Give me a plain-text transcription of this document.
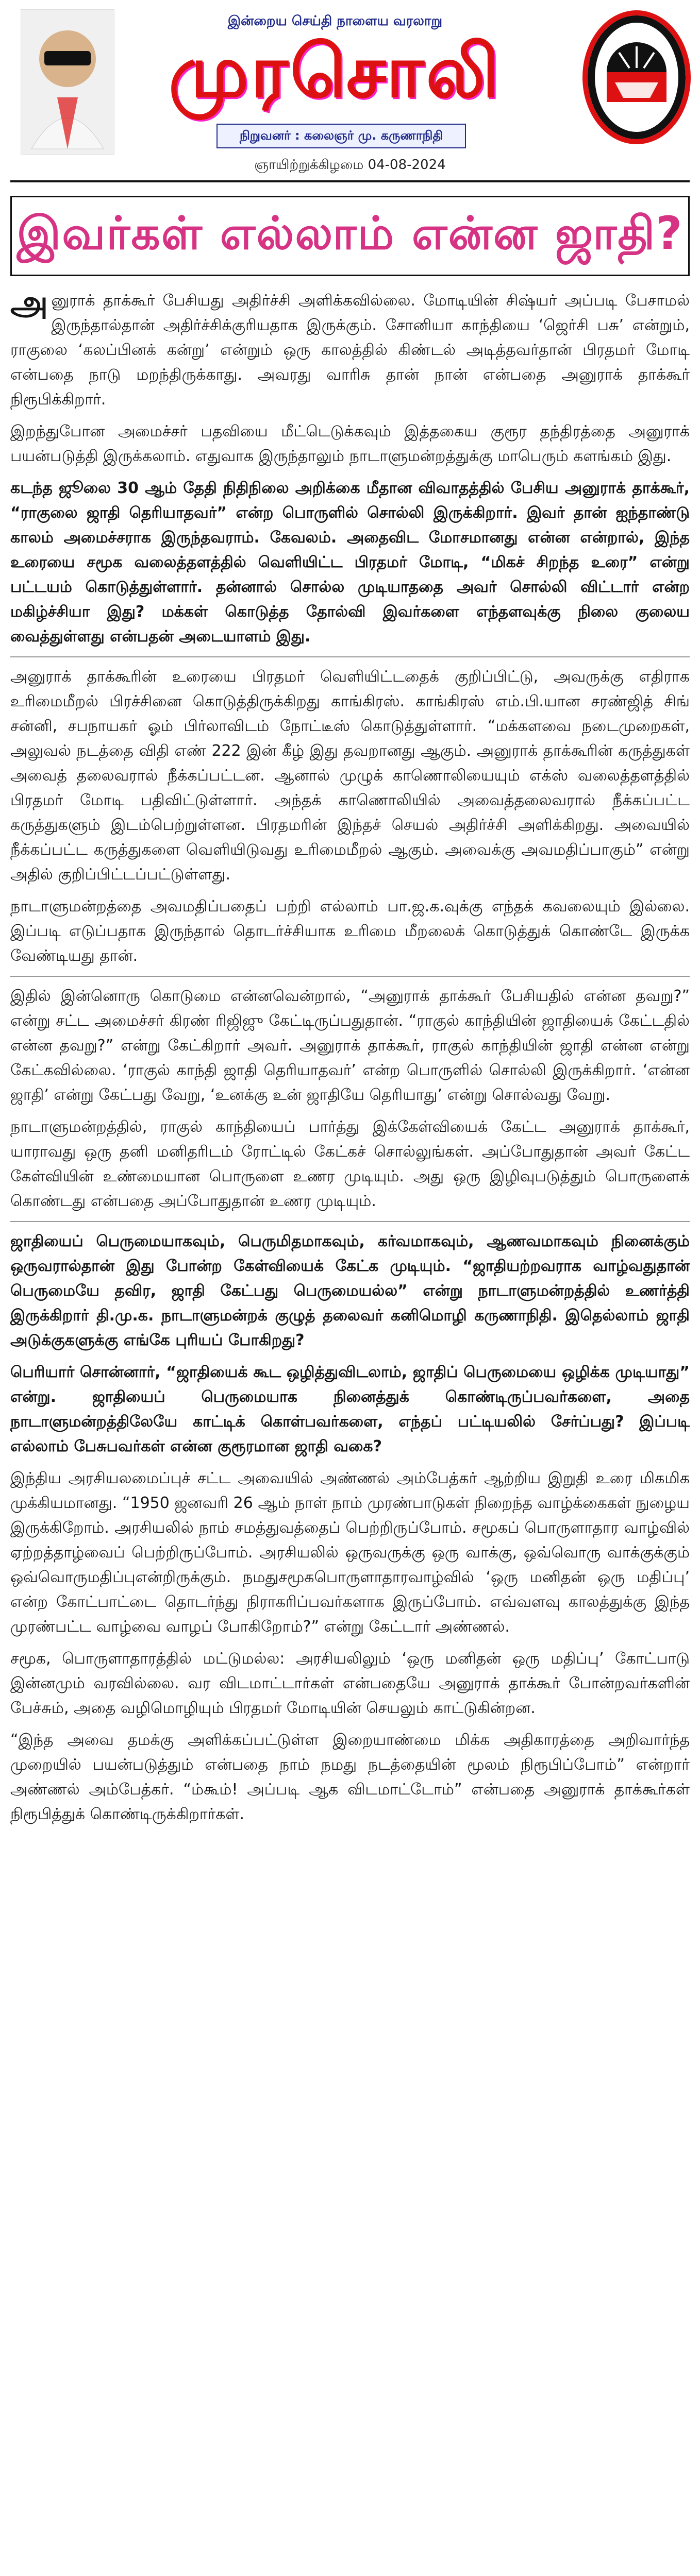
இன்றைய செய்தி நாளைய வரலாறு
முரசொலி
நிறுவனர் : கலைஞர் மு. கருணாநிதி
ஞாயிற்றுக்கிழமை 04-08-2024
இவர்கள் எல்லாம் என்ன ஜாதி?

அனுராக் தாக்கூர் பேசியது அதிர்ச்சி அளிக்கவில்லை. மோடியின் சிஷ்யர் அப்படி பேசாமல் இருந்தால்தான் அதிர்ச்சிக்குரியதாக இருக்கும். சோனியா காந்தியை ‘ஜெர்சி பசு’ என்றும், ராகுலை ‘கலப்பினக் கன்று’ என்றும் ஒரு காலத்தில் கிண்டல் அடித்தவர்தான் பிரதமர் மோடி என்பதை நாடு மறந்திருக்காது. அவரது வாரிசு தான் நான் என்பதை அனுராக் தாக்கூர் நிரூபிக்கிறார்.

இறந்துபோன அமைச்சர் பதவியை மீட்டெடுக்கவும் இத்தகைய குரூர தந்திரத்தை அனுராக் பயன்படுத்தி இருக்கலாம். எதுவாக இருந்தாலும் நாடாளுமன்றத்துக்கு மாபெரும் களங்கம் இது.

கடந்த ஜூலை 30 ஆம் தேதி நிதிநிலை அறிக்கை மீதான விவாதத்தில் பேசிய அனுராக் தாக்கூர், “ராகுலை ஜாதி தெரியாதவர்” என்ற பொருளில் சொல்லி இருக்கிறார். இவர் தான் ஐந்தாண்டு காலம் அமைச்சராக இருந்தவராம். கேவலம். அதைவிட மோசமானது என்ன என்றால், இந்த உரையை சமூக வலைத்தளத்தில் வெளியிட்ட பிரதமர் மோடி, “மிகச் சிறந்த உரை” என்று பட்டயம் கொடுத்துள்ளார். தன்னால் சொல்ல முடியாததை அவர் சொல்லி விட்டார் என்ற மகிழ்ச்சியா இது? மக்கள் கொடுத்த தோல்வி இவர்களை எந்தளவுக்கு நிலை குலைய வைத்துள்ளது என்பதன் அடையாளம் இது.

அனுராக் தாக்கூரின் உரையை பிரதமர் வெளியிட்டதைக் குறிப்பிட்டு, அவருக்கு எதிராக உரிமைமீறல் பிரச்சினை கொடுத்திருக்கிறது காங்கிரஸ். காங்கிரஸ் எம்.பி.யான சரண்ஜித் சிங் சன்னி, சபநாயகர் ஓம் பிர்லாவிடம் நோட்டீஸ் கொடுத்துள்ளார். “மக்களவை நடைமுறைகள், அலுவல் நடத்தை விதி எண் 222 இன் கீழ் இது தவறானது ஆகும். அனுராக் தாக்கூரின் கருத்துகள் அவைத் தலைவரால் நீக்கப்பட்டன. ஆனால் முழுக் காணொலியையும் எக்ஸ் வலைத்தளத்தில் பிரதமர் மோடி பதிவிட்டுள்ளார். அந்தக் காணொலியில் அவைத்தலைவரால் நீக்கப்பட்ட கருத்துகளும் இடம்பெற்றுள்ளன. பிரதமரின் இந்தச் செயல் அதிர்ச்சி அளிக்கிறது. அவையில் நீக்கப்பட்ட கருத்துகளை வெளியிடுவது உரிமைமீறல் ஆகும். அவைக்கு அவமதிப்பாகும்” என்று அதில் குறிப்பிட்டப்பட்டுள்ளது.

நாடாளுமன்றத்தை அவமதிப்பதைப் பற்றி எல்லாம் பா.ஜ.க.வுக்கு எந்தக் கவலையும் இல்லை. இப்படி எடுப்பதாக இருந்தால் தொடர்ச்சியாக உரிமை மீறலைக் கொடுத்துக் கொண்டே இருக்க வேண்டியது தான்.

இதில் இன்னொரு கொடுமை என்னவென்றால், “அனுராக் தாக்கூர் பேசியதில் என்ன தவறு?” என்று சட்ட அமைச்சர் கிரண் ரிஜிஜு கேட்டிருப்பதுதான். “ராகுல் காந்தியின் ஜாதியைக் கேட்டதில் என்ன தவறு?” என்று கேட்கிறார் அவர். அனுராக் தாக்கூர், ராகுல் காந்தியின் ஜாதி என்ன என்று கேட்கவில்லை. ‘ராகுல் காந்தி ஜாதி தெரியாதவர்’ என்ற பொருளில் சொல்லி இருக்கிறார். ‘என்ன ஜாதி’ என்று கேட்பது வேறு, ‘உனக்கு உன் ஜாதியே தெரியாது’ என்று சொல்வது வேறு.

நாடாளுமன்றத்தில், ராகுல் காந்தியைப் பார்த்து இக்கேள்வியைக் கேட்ட அனுராக் தாக்கூர், யாராவது ஒரு தனி மனிதரிடம் ரோட்டில் கேட்கச் சொல்லுங்கள். அப்போதுதான் அவர் கேட்ட கேள்வியின் உண்மையான பொருளை உணர முடியும். அது ஒரு இழிவுபடுத்தும் பொருளைக் கொண்டது என்பதை அப்போதுதான் உணர முடியும்.

ஜாதியைப் பெருமையாகவும், பெருமிதமாகவும், கர்வமாகவும், ஆணவமாகவும் நினைக்கும் ஒருவரால்தான் இது போன்ற கேள்வியைக் கேட்க முடியும். “ஜாதியற்றவராக வாழ்வதுதான் பெருமையே தவிர, ஜாதி கேட்பது பெருமையல்ல” என்று நாடாளுமன்றத்தில் உணர்த்தி இருக்கிறார் தி.மு.க. நாடாளுமன்றக் குழுத் தலைவர் கனிமொழி கருணாநிதி. இதெல்லாம் ஜாதி அடுக்குகளுக்கு எங்கே புரியப் போகிறது?

பெரியார் சொன்னார், “ஜாதியைக் கூட ஒழித்துவிடலாம், ஜாதிப் பெருமையை ஒழிக்க முடியாது” என்று. ஜாதியைப் பெருமையாக நினைத்துக் கொண்டிருப்பவர்களை, அதை நாடாளுமன்றத்திலேயே காட்டிக் கொள்பவர்களை, எந்தப் பட்டியலில் சேர்ப்பது? இப்படி எல்லாம் பேசுபவர்கள் என்ன குரூரமான ஜாதி வகை?

இந்திய அரசியலமைப்புச் சட்ட அவையில் அண்ணல் அம்பேத்கர் ஆற்றிய இறுதி உரை மிகமிக முக்கியமானது. “1950 ஜனவரி 26 ஆம் நாள் நாம் முரண்பாடுகள் நிறைந்த வாழ்க்கைகள் நுழைய இருக்கிறோம். அரசியலில் நாம் சமத்துவத்தைப் பெற்றிருப்போம். சமூகப் பொருளாதார வாழ்வில் ஏற்றத்தாழ்வைப் பெற்றிருப்போம். அரசியலில் ஒருவருக்கு ஒரு வாக்கு, ஒவ்வொரு வாக்குக்கும் ஒவ்வொருமதிப்புஎன்றிருக்கும். நமதுசமூகபொருளாதாரவாழ்வில் ‘ஒரு மனிதன் ஒரு மதிப்பு’ என்ற கோட்பாட்டை தொடர்ந்து நிராகரிப்பவர்களாக இருப்போம். எவ்வளவு காலத்துக்கு இந்த முரண்பட்ட வாழ்வை வாழப் போகிறோம்?” என்று கேட்டார் அண்ணல்.

சமூக, பொருளாதாரத்தில் மட்டுமல்ல: அரசியலிலும் ‘ஒரு மனிதன் ஒரு மதிப்பு’ கோட்பாடு இன்னமும் வரவில்லை. வர விடமாட்டார்கள் என்பதையே அனுராக் தாக்கூர் போன்றவர்களின் பேச்சும், அதை வழிமொழியும் பிரதமர் மோடியின் செயலும் காட்டுகின்றன.

“இந்த அவை தமக்கு அளிக்கப்பட்டுள்ள இறையாண்மை மிக்க அதிகாரத்தை அறிவார்ந்த முறையில் பயன்படுத்தும் என்பதை நாம் நமது நடத்தையின் மூலம் நிரூபிப்போம்” என்றார் அண்ணல் அம்பேத்கர். “ம்கூம்! அப்படி ஆக விடமாட்டோம்” என்பதை அனுராக் தாக்கூர்கள் நிரூபித்துக் கொண்டிருக்கிறார்கள்.
